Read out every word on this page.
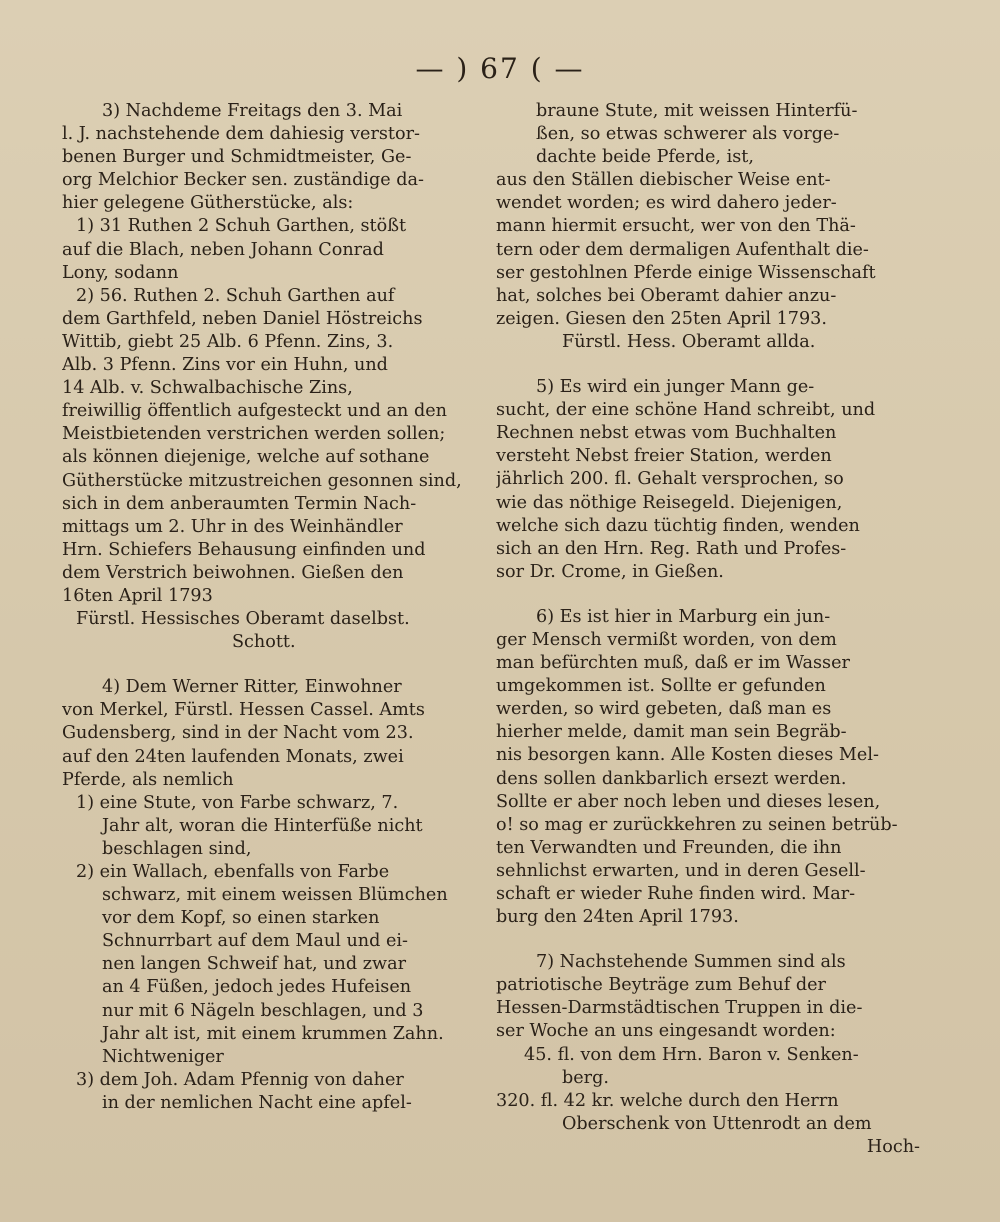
— ) 67 ( —
3) Nachdeme Freitags den 3. Mai
l. J. nachstehende dem dahiesig verstor-
benen Burger und Schmidtmeister, Ge-
org Melchior Becker sen. zuständige da-
hier gelegene Gütherstücke, als:
1) 31 Ruthen 2 Schuh Garthen, stößt
auf die Blach, neben Johann Conrad
Lony, sodann
2) 56. Ruthen 2. Schuh Garthen auf
dem Garthfeld, neben Daniel Höstreichs
Wittib, giebt 25 Alb. 6 Pfenn. Zins, 3.
Alb. 3 Pfenn. Zins vor ein Huhn, und
14 Alb. v. Schwalbachische Zins,
freiwillig öffentlich aufgesteckt und an den
Meistbietenden verstrichen werden sollen;
als können diejenige, welche auf sothane
Gütherstücke mitzustreichen gesonnen sind,
sich in dem anberaumten Termin Nach-
mittags um 2. Uhr in des Weinhändler
Hrn. Schiefers Behausung einfinden und
dem Verstrich beiwohnen. Gießen den
16ten April 1793
Fürstl. Hessisches Oberamt daselbst.
Schott.
4) Dem Werner Ritter, Einwohner
von Merkel, Fürstl. Hessen Cassel. Amts
Gudensberg, sind in der Nacht vom 23.
auf den 24ten laufenden Monats, zwei
Pferde, als nemlich
1) eine Stute, von Farbe schwarz, 7.
Jahr alt, woran die Hinterfüße nicht
beschlagen sind,
2) ein Wallach, ebenfalls von Farbe
schwarz, mit einem weissen Blümchen
vor dem Kopf, so einen starken
Schnurrbart auf dem Maul und ei-
nen langen Schweif hat, und zwar
an 4 Füßen, jedoch jedes Hufeisen
nur mit 6 Nägeln beschlagen, und 3
Jahr alt ist, mit einem krummen Zahn.
Nichtweniger
3) dem Joh. Adam Pfennig von daher
in der nemlichen Nacht eine apfel-
braune Stute, mit weissen Hinterfü-
ßen, so etwas schwerer als vorge-
dachte beide Pferde, ist,
aus den Ställen diebischer Weise ent-
wendet worden; es wird dahero jeder-
mann hiermit ersucht, wer von den Thä-
tern oder dem dermaligen Aufenthalt die-
ser gestohlnen Pferde einige Wissenschaft
hat, solches bei Oberamt dahier anzu-
zeigen. Giesen den 25ten April 1793.
Fürstl. Hess. Oberamt allda.
5) Es wird ein junger Mann ge-
sucht, der eine schöne Hand schreibt, und
Rechnen nebst etwas vom Buchhalten
versteht Nebst freier Station, werden
jährlich 200. fl. Gehalt versprochen, so
wie das nöthige Reisegeld. Diejenigen,
welche sich dazu tüchtig finden, wenden
sich an den Hrn. Reg. Rath und Profes-
sor Dr. Crome, in Gießen.
6) Es ist hier in Marburg ein jun-
ger Mensch vermißt worden, von dem
man befürchten muß, daß er im Wasser
umgekommen ist. Sollte er gefunden
werden, so wird gebeten, daß man es
hierher melde, damit man sein Begräb-
nis besorgen kann. Alle Kosten dieses Mel-
dens sollen dankbarlich ersezt werden.
Sollte er aber noch leben und dieses lesen,
o! so mag er zurückkehren zu seinen betrüb-
ten Verwandten und Freunden, die ihn
sehnlichst erwarten, und in deren Gesell-
schaft er wieder Ruhe finden wird. Mar-
burg den 24ten April 1793.
7) Nachstehende Summen sind als
patriotische Beyträge zum Behuf der
Hessen-Darmstädtischen Truppen in die-
ser Woche an uns eingesandt worden:
45. fl. von dem Hrn. Baron v. Senken-
berg.
320. fl. 42 kr. welche durch den Herrn
Oberschenk von Uttenrodt an dem
Hoch-
